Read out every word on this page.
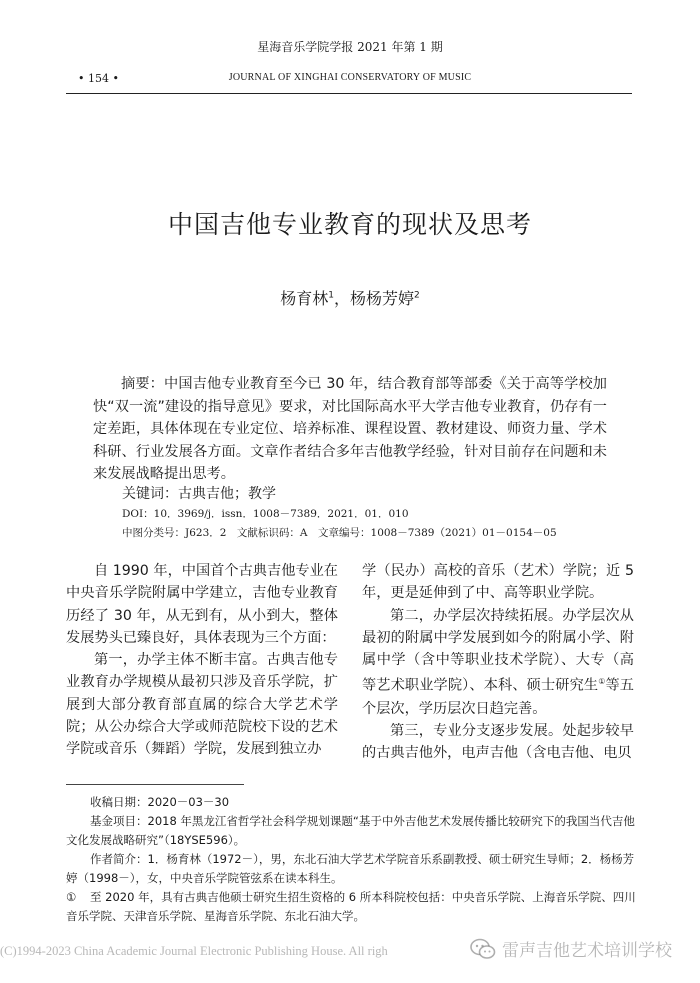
星海音乐学院学报 2021 年第 1 期
• 154 •	JOURNAL OF XINGHAI CONSERVATORY OF MUSIC
中国吉他专业教育的现状及思考
杨育林$^1$，杨杨芳婷$^2$
摘要：中国吉他专业教育至今已 30 年，结合教育部等部委《关于高等学校加快“双一流”建设的指导意见》要求，对比国际高水平大学吉他专业教育，仍存有一定差距，具体体现在专业定位、培养标准、课程设置、教材建设、师资力量、学术科研、行业发展各方面。文章作者结合多年吉他教学经验，针对目前存在问题和未来发展战略提出思考。
关键词：古典吉他；教学
DOI：10．3969/j．issn．1008－7389．2021．01．010
中图分类号：J623．2　文献标识码：A　文章编号：1008－7389（2021）01－0154－05

自 1990 年，中国首个古典吉他专业在中央音乐学院附属中学建立，吉他专业教育历经了 30 年，从无到有，从小到大，整体发展势头已臻良好，具体表现为三个方面：

第一，办学主体不断丰富。古典吉他专业教育办学规模从最初只涉及音乐学院，扩展到大部分教育部直属的综合大学艺术学院；从公办综合大学或师范院校下设的艺术学院或音乐（舞蹈）学院，发展到独立办

学（民办）高校的音乐（艺术）学院；近 5 年，更是延伸到了中、高等职业学院。

第二，办学层次持续拓展。办学层次从最初的附属中学发展到如今的附属小学、附属中学（含中等职业技术学院）、大专（高等艺术职业学院）、本科、硕士研究生①等五个层次，学历层次日趋完善。

第三，专业分支逐步发展。处起步较早的古典吉他外，电声吉他（含电吉他、电贝

收稿日期：2020－03－30
基金项目：2018 年黑龙江省哲学社会科学规划课题“基于中外吉他艺术发展传播比较研究下的我国当代吉他文化发展战略研究”（18YSE596）。
作者简介：1．杨育林（1972－），男，东北石油大学艺术学院音乐系副教授、硕士研究生导师；2．杨杨芳婷（1998－），女，中央音乐学院管弦系在读本科生。
① 至 2020 年，具有古典吉他硕士研究生招生资格的 6 所本科院校包括：中央音乐学院、上海音乐学院、四川音乐学院、天津音乐学院、星海音乐学院、东北石油大学。
(C)1994-2023 China Academic Journal Electronic Publishing House. All righ	雷声吉他艺术培训学校
